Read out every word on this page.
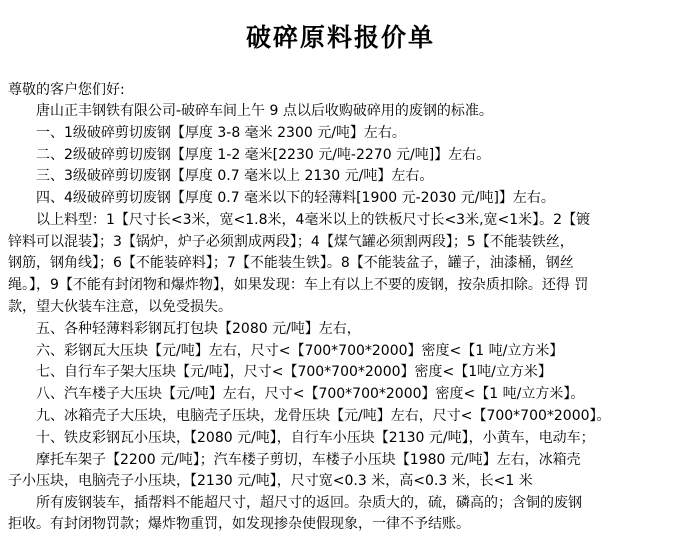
破碎原料报价单
尊敬的客户您们好:
唐山正丰钢铁有限公司-破碎车间上午 9 点以后收购破碎用的废钢的标准。
一、1级破碎剪切废钢【厚度 3-8 毫米 2300 元/吨】左右。
二、2级破碎剪切废钢【厚度 1-2 毫米[2230 元/吨-2270 元/吨]】左右。
三、3级破碎剪切废钢【厚度 0.7 毫米以上 2130 元/吨】左右。
四、4级破碎剪切废钢【厚度 0.7 毫米以下的轻薄料[1900 元-2030 元/吨]】左右。
以上料型：1【尺寸长<3米，宽<1.8米，4毫米以上的铁板尺寸长<3米,宽<1米】。2【镀
锌料可以混装】；3【锅炉，炉子必须割成两段】；4【煤气罐必须割两段】；5【不能装铁丝，
钢筋，钢角线】；6【不能装碎料】；7【不能装生铁】。8【不能装盆子，罐子，油漆桶，钢丝
绳。】，9【不能有封闭物和爆炸物】，如果发现：车上有以上不要的废钢，按杂质扣除。还得 罚
款，望大伙装车注意，以免受损失。
五、各种轻薄料彩钢瓦打包块【2080 元/吨】左右，
六、彩钢瓦大压块【元/吨】左右，尺寸<【700*700*2000】密度<【1 吨/立方米】
七、自行车子架大压块【元/吨】，尺寸<【700*700*2000】密度<【1吨/立方米】
八、汽车楼子大压块【元/吨】左右，尺寸<【700*700*2000】密度<【1 吨/立方米】。
九、冰箱壳子大压块，电脑壳子压块，龙骨压块【元/吨】左右，尺寸<【700*700*2000】。
十、铁皮彩钢瓦小压块，【2080 元/吨】，自行车小压块【2130 元/吨】，小黄车，电动车；
摩托车架子【2200 元/吨】；汽车楼子剪切，车楼子小压块【1980 元/吨】左右，冰箱壳
子小压块，电脑壳子小压块，【2130 元/吨】，尺寸宽<0.3 米，高<0.3 米，长<1 米
所有废钢装车，插帮料不能超尺寸，超尺寸的返回。杂质大的，硫，磷高的；含铜的废钢
拒收。有封闭物罚款；爆炸物重罚，如发现掺杂使假现象，一律不予结账。
